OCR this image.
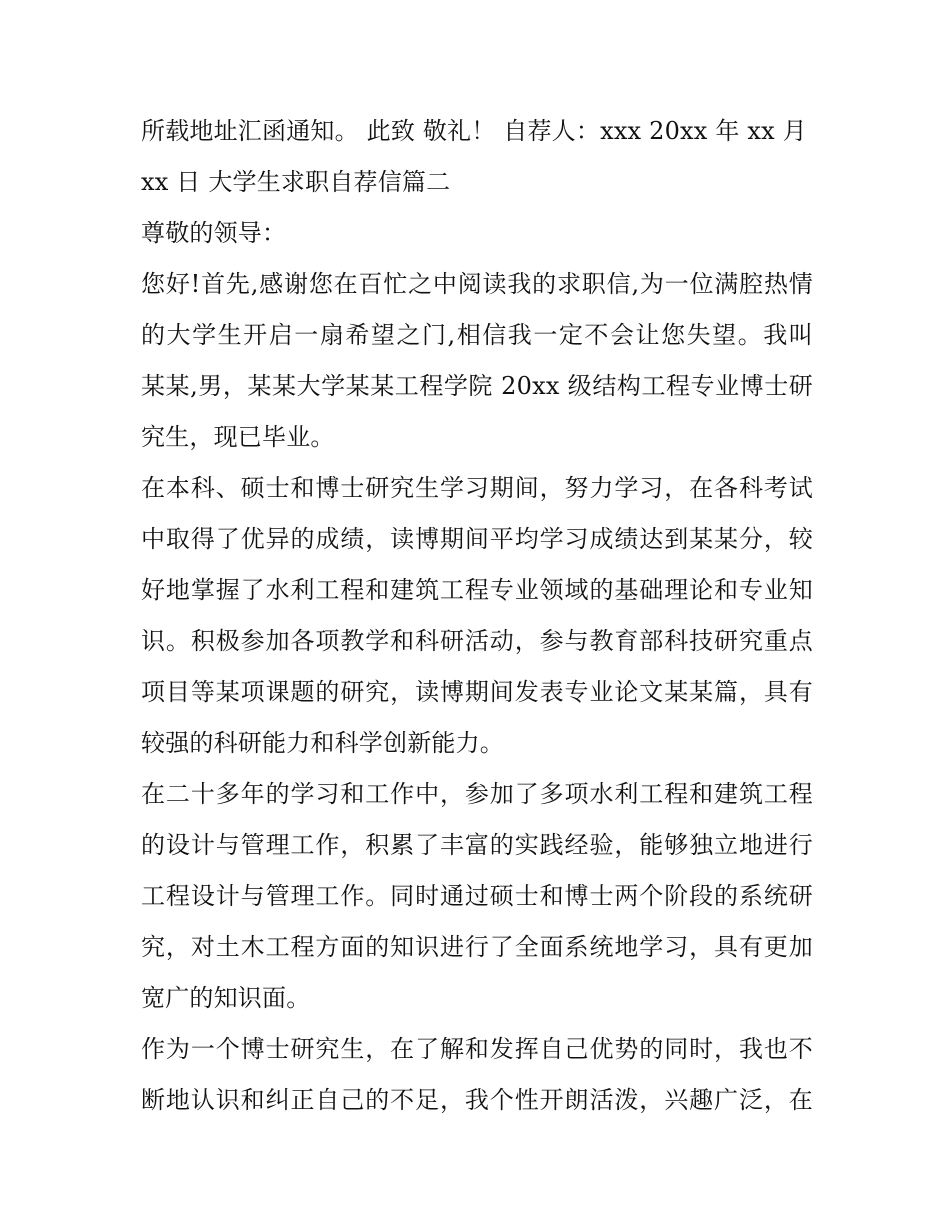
所载地址汇函通知。 此致 敬礼！ 自荐人：xxx 20xx 年 xx 月
xx 日 大学生求职自荐信篇二
尊敬的领导：
您好!首先,感谢您在百忙之中阅读我的求职信,为一位满腔热情
的大学生开启一扇希望之门,相信我一定不会让您失望。我叫
某某,男，某某大学某某工程学院 20xx 级结构工程专业博士研
究生，现已毕业。
在本科、硕士和博士研究生学习期间，努力学习，在各科考试
中取得了优异的成绩，读博期间平均学习成绩达到某某分，较
好地掌握了水利工程和建筑工程专业领域的基础理论和专业知
识。积极参加各项教学和科研活动，参与教育部科技研究重点
项目等某项课题的研究，读博期间发表专业论文某某篇，具有
较强的科研能力和科学创新能力。
在二十多年的学习和工作中，参加了多项水利工程和建筑工程
的设计与管理工作，积累了丰富的实践经验，能够独立地进行
工程设计与管理工作。同时通过硕士和博士两个阶段的系统研
究，对土木工程方面的知识进行了全面系统地学习，具有更加
宽广的知识面。
作为一个博士研究生，在了解和发挥自己优势的同时，我也不
断地认识和纠正自己的不足，我个性开朗活泼，兴趣广泛，在
